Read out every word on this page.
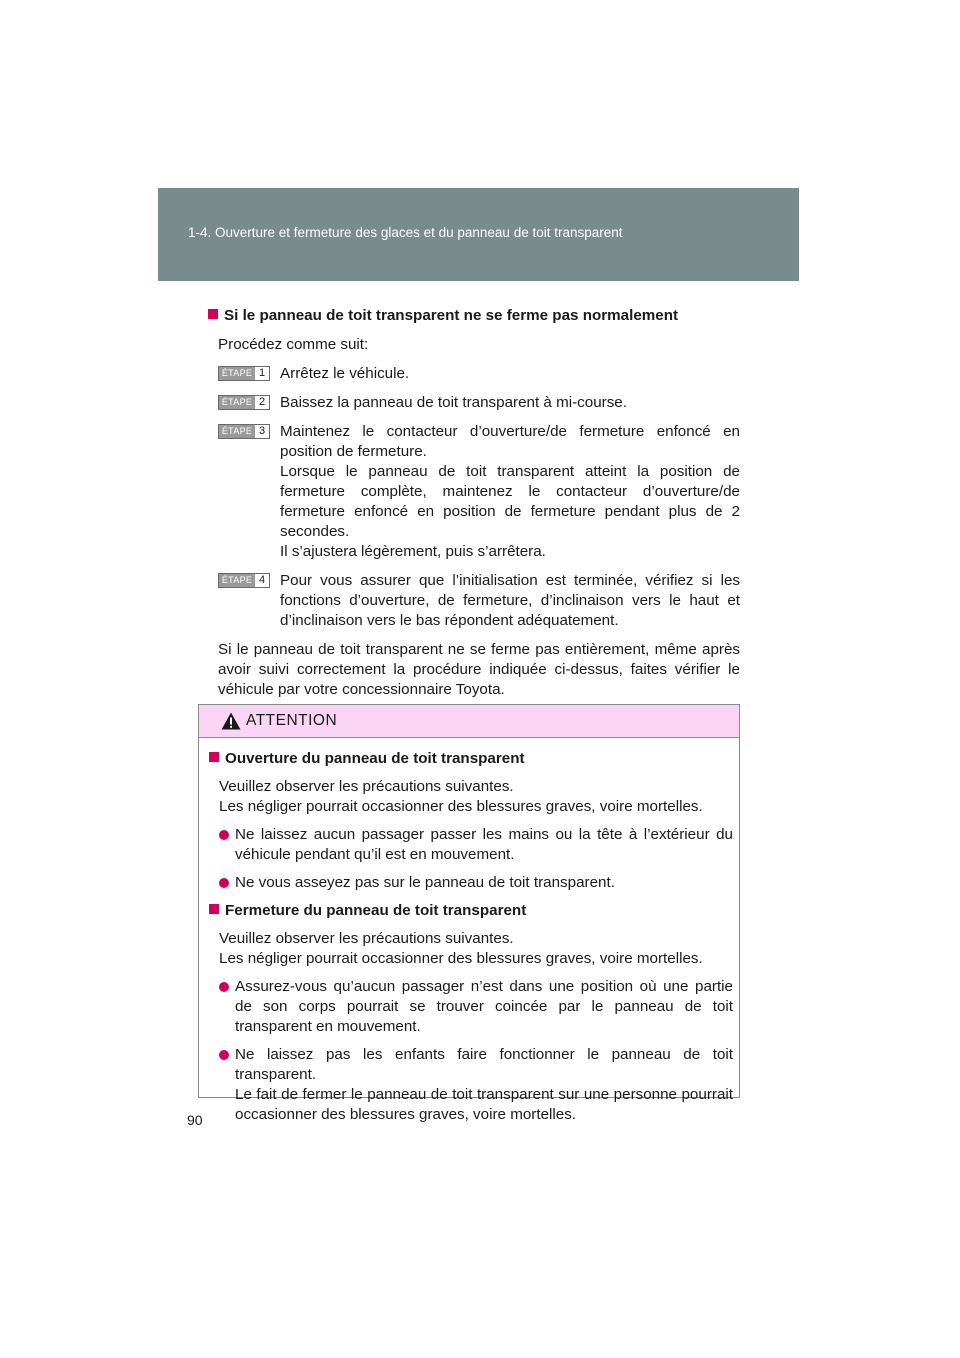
1-4. Ouverture et fermeture des glaces et du panneau de toit transparent
Si le panneau de toit transparent ne se ferme pas normalement
Procédez comme suit:
ÉTAPE 1 Arrêtez le véhicule.

ÉTAPE 2 Baissez la panneau de toit transparent à mi-course.

ÉTAPE 3 Maintenez le contacteur d’ouverture/de fermeture enfoncé en position de fermeture.

Lorsque le panneau de toit transparent atteint la position de fermeture complète, maintenez le contacteur d’ouverture/de fermeture enfoncé en position de fermeture pendant plus de 2 secondes.

Il s’ajustera légèrement, puis s’arrêtera.

ÉTAPE 4 Pour vous assurer que l’initialisation est terminée, vérifiez si les fonctions d’ouverture, de fermeture, d’inclinaison vers le haut et d’inclinaison vers le bas répondent adéquatement.

Si le panneau de toit transparent ne se ferme pas entièrement, même après avoir suivi correctement la procédure indiquée ci-dessus, faites vérifier le véhicule par votre concessionnaire Toyota.
ATTENTION
Ouverture du panneau de toit transparent
Veuillez observer les précautions suivantes.
Les négliger pourrait occasionner des blessures graves, voire mortelles.

Ne laissez aucun passager passer les mains ou la tête à l’extérieur du véhicule pendant qu’il est en mouvement.

Ne vous asseyez pas sur le panneau de toit transparent.

Fermeture du panneau de toit transparent
Veuillez observer les précautions suivantes.
Les négliger pourrait occasionner des blessures graves, voire mortelles.

Assurez-vous qu’aucun passager n’est dans une position où une partie de son corps pourrait se trouver coincée par le panneau de toit transparent en mouvement.

Ne laissez pas les enfants faire fonctionner le panneau de toit transparent.

Le fait de fermer le panneau de toit transparent sur une personne pourrait occasionner des blessures graves, voire mortelles.

90
